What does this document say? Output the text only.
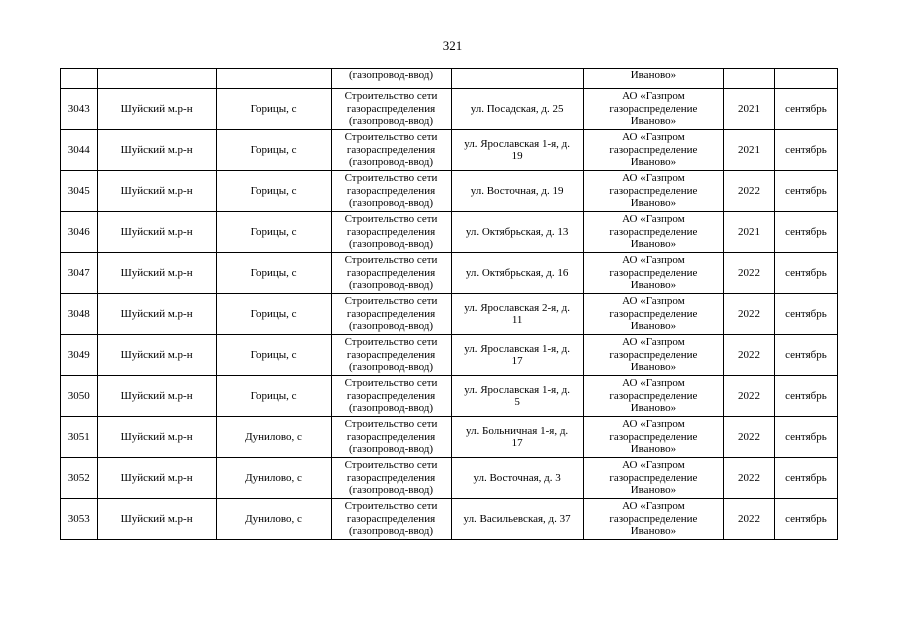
321
			(газопровод-ввод)		Иваново»		
3043	Шуйский м.р-н	Горицы, с	Строительство сети
газораспределения
(газопровод-ввод)	ул. Посадская, д. 25	АО «Газпром
газораспределение
Иваново»	2021	сентябрь
3044	Шуйский м.р-н	Горицы, с	Строительство сети
газораспределения
(газопровод-ввод)	ул. Ярославская 1-я, д.
19	АО «Газпром
газораспределение
Иваново»	2021	сентябрь
3045	Шуйский м.р-н	Горицы, с	Строительство сети
газораспределения
(газопровод-ввод)	ул. Восточная, д. 19	АО «Газпром
газораспределение
Иваново»	2022	сентябрь
3046	Шуйский м.р-н	Горицы, с	Строительство сети
газораспределения
(газопровод-ввод)	ул. Октябрьская, д. 13	АО «Газпром
газораспределение
Иваново»	2021	сентябрь
3047	Шуйский м.р-н	Горицы, с	Строительство сети
газораспределения
(газопровод-ввод)	ул. Октябрьская, д. 16	АО «Газпром
газораспределение
Иваново»	2022	сентябрь
3048	Шуйский м.р-н	Горицы, с	Строительство сети
газораспределения
(газопровод-ввод)	ул. Ярославская 2-я, д.
11	АО «Газпром
газораспределение
Иваново»	2022	сентябрь
3049	Шуйский м.р-н	Горицы, с	Строительство сети
газораспределения
(газопровод-ввод)	ул. Ярославская 1-я, д.
17	АО «Газпром
газораспределение
Иваново»	2022	сентябрь
3050	Шуйский м.р-н	Горицы, с	Строительство сети
газораспределения
(газопровод-ввод)	ул. Ярославская 1-я, д.
5	АО «Газпром
газораспределение
Иваново»	2022	сентябрь
3051	Шуйский м.р-н	Дунилово, с	Строительство сети
газораспределения
(газопровод-ввод)	ул. Больничная 1-я, д.
17	АО «Газпром
газораспределение
Иваново»	2022	сентябрь
3052	Шуйский м.р-н	Дунилово, с	Строительство сети
газораспределения
(газопровод-ввод)	ул. Восточная, д. 3	АО «Газпром
газораспределение
Иваново»	2022	сентябрь
3053	Шуйский м.р-н	Дунилово, с	Строительство сети
газораспределения
(газопровод-ввод)	ул. Васильевская, д. 37	АО «Газпром
газораспределение
Иваново»	2022	сентябрь
